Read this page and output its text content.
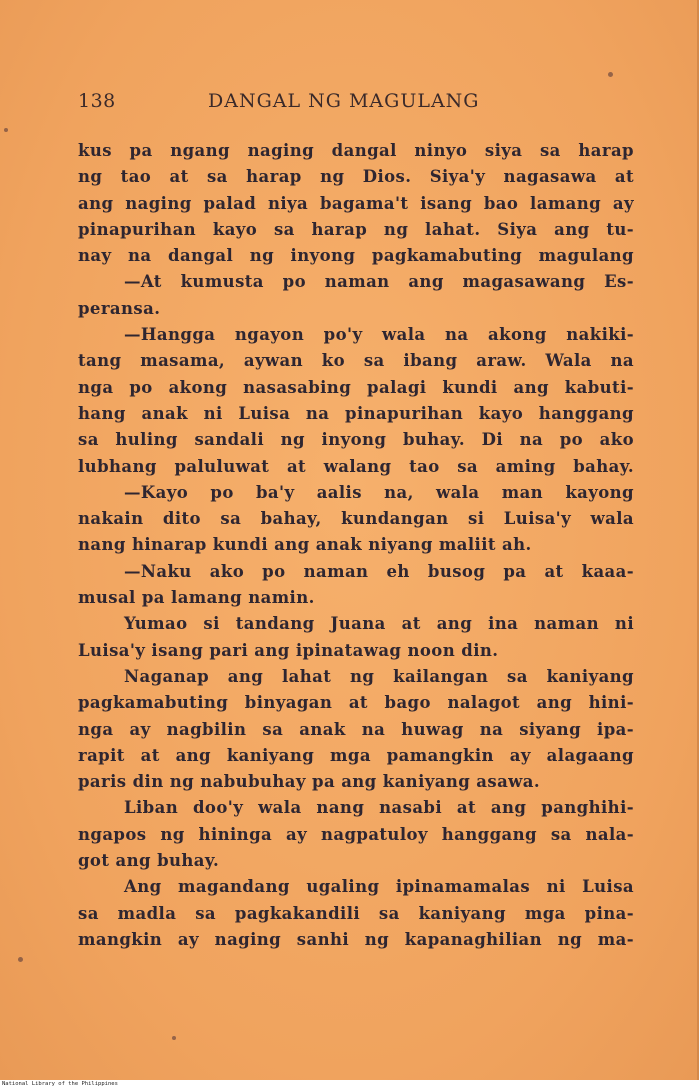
138	DANGAL NG MAGULANG
kus pa ngang naging dangal ninyo siya sa harap
ng tao at sa harap ng Dios. Siya'y nagasawa at
ang naging palad niya bagama't isang bao lamang ay
pinapurihan kayo sa harap ng lahat. Siya ang tu-
nay na dangal ng inyong pagkamabuting magulang
—At kumusta po naman ang magasawang Es-
peransa.
—Hangga ngayon po'y wala na akong nakiki-
tang masama, aywan ko sa ibang araw. Wala na
nga po akong nasasabing palagi kundi ang kabuti-
hang anak ni Luisa na pinapurihan kayo hanggang
sa huling sandali ng inyong buhay. Di na po ako
lubhang paluluwat at walang tao sa aming bahay.
—Kayo po ba'y aalis na, wala man kayong
nakain dito sa bahay, kundangan si Luisa'y wala
nang hinarap kundi ang anak niyang maliit ah.
—Naku ako po naman eh busog pa at kaaa-
musal pa lamang namin.
Yumao si tandang Juana at ang ina naman ni
Luisa'y isang pari ang ipinatawag noon din.
Naganap ang lahat ng kailangan sa kaniyang
pagkamabuting binyagan at bago nalagot ang hini-
nga ay nagbilin sa anak na huwag na siyang ipa-
rapit at ang kaniyang mga pamangkin ay alagaang
paris din ng nabubuhay pa ang kaniyang asawa.
Liban doo'y wala nang nasabi at ang panghihi-
ngapos ng hininga ay nagpatuloy hanggang sa nala-
got ang buhay.
Ang magandang ugaling ipinamamalas ni Luisa
sa madla sa pagkakandili sa kaniyang mga pina-
mangkin ay naging sanhi ng kapanaghilian ng ma-
National Library of the Philippines
